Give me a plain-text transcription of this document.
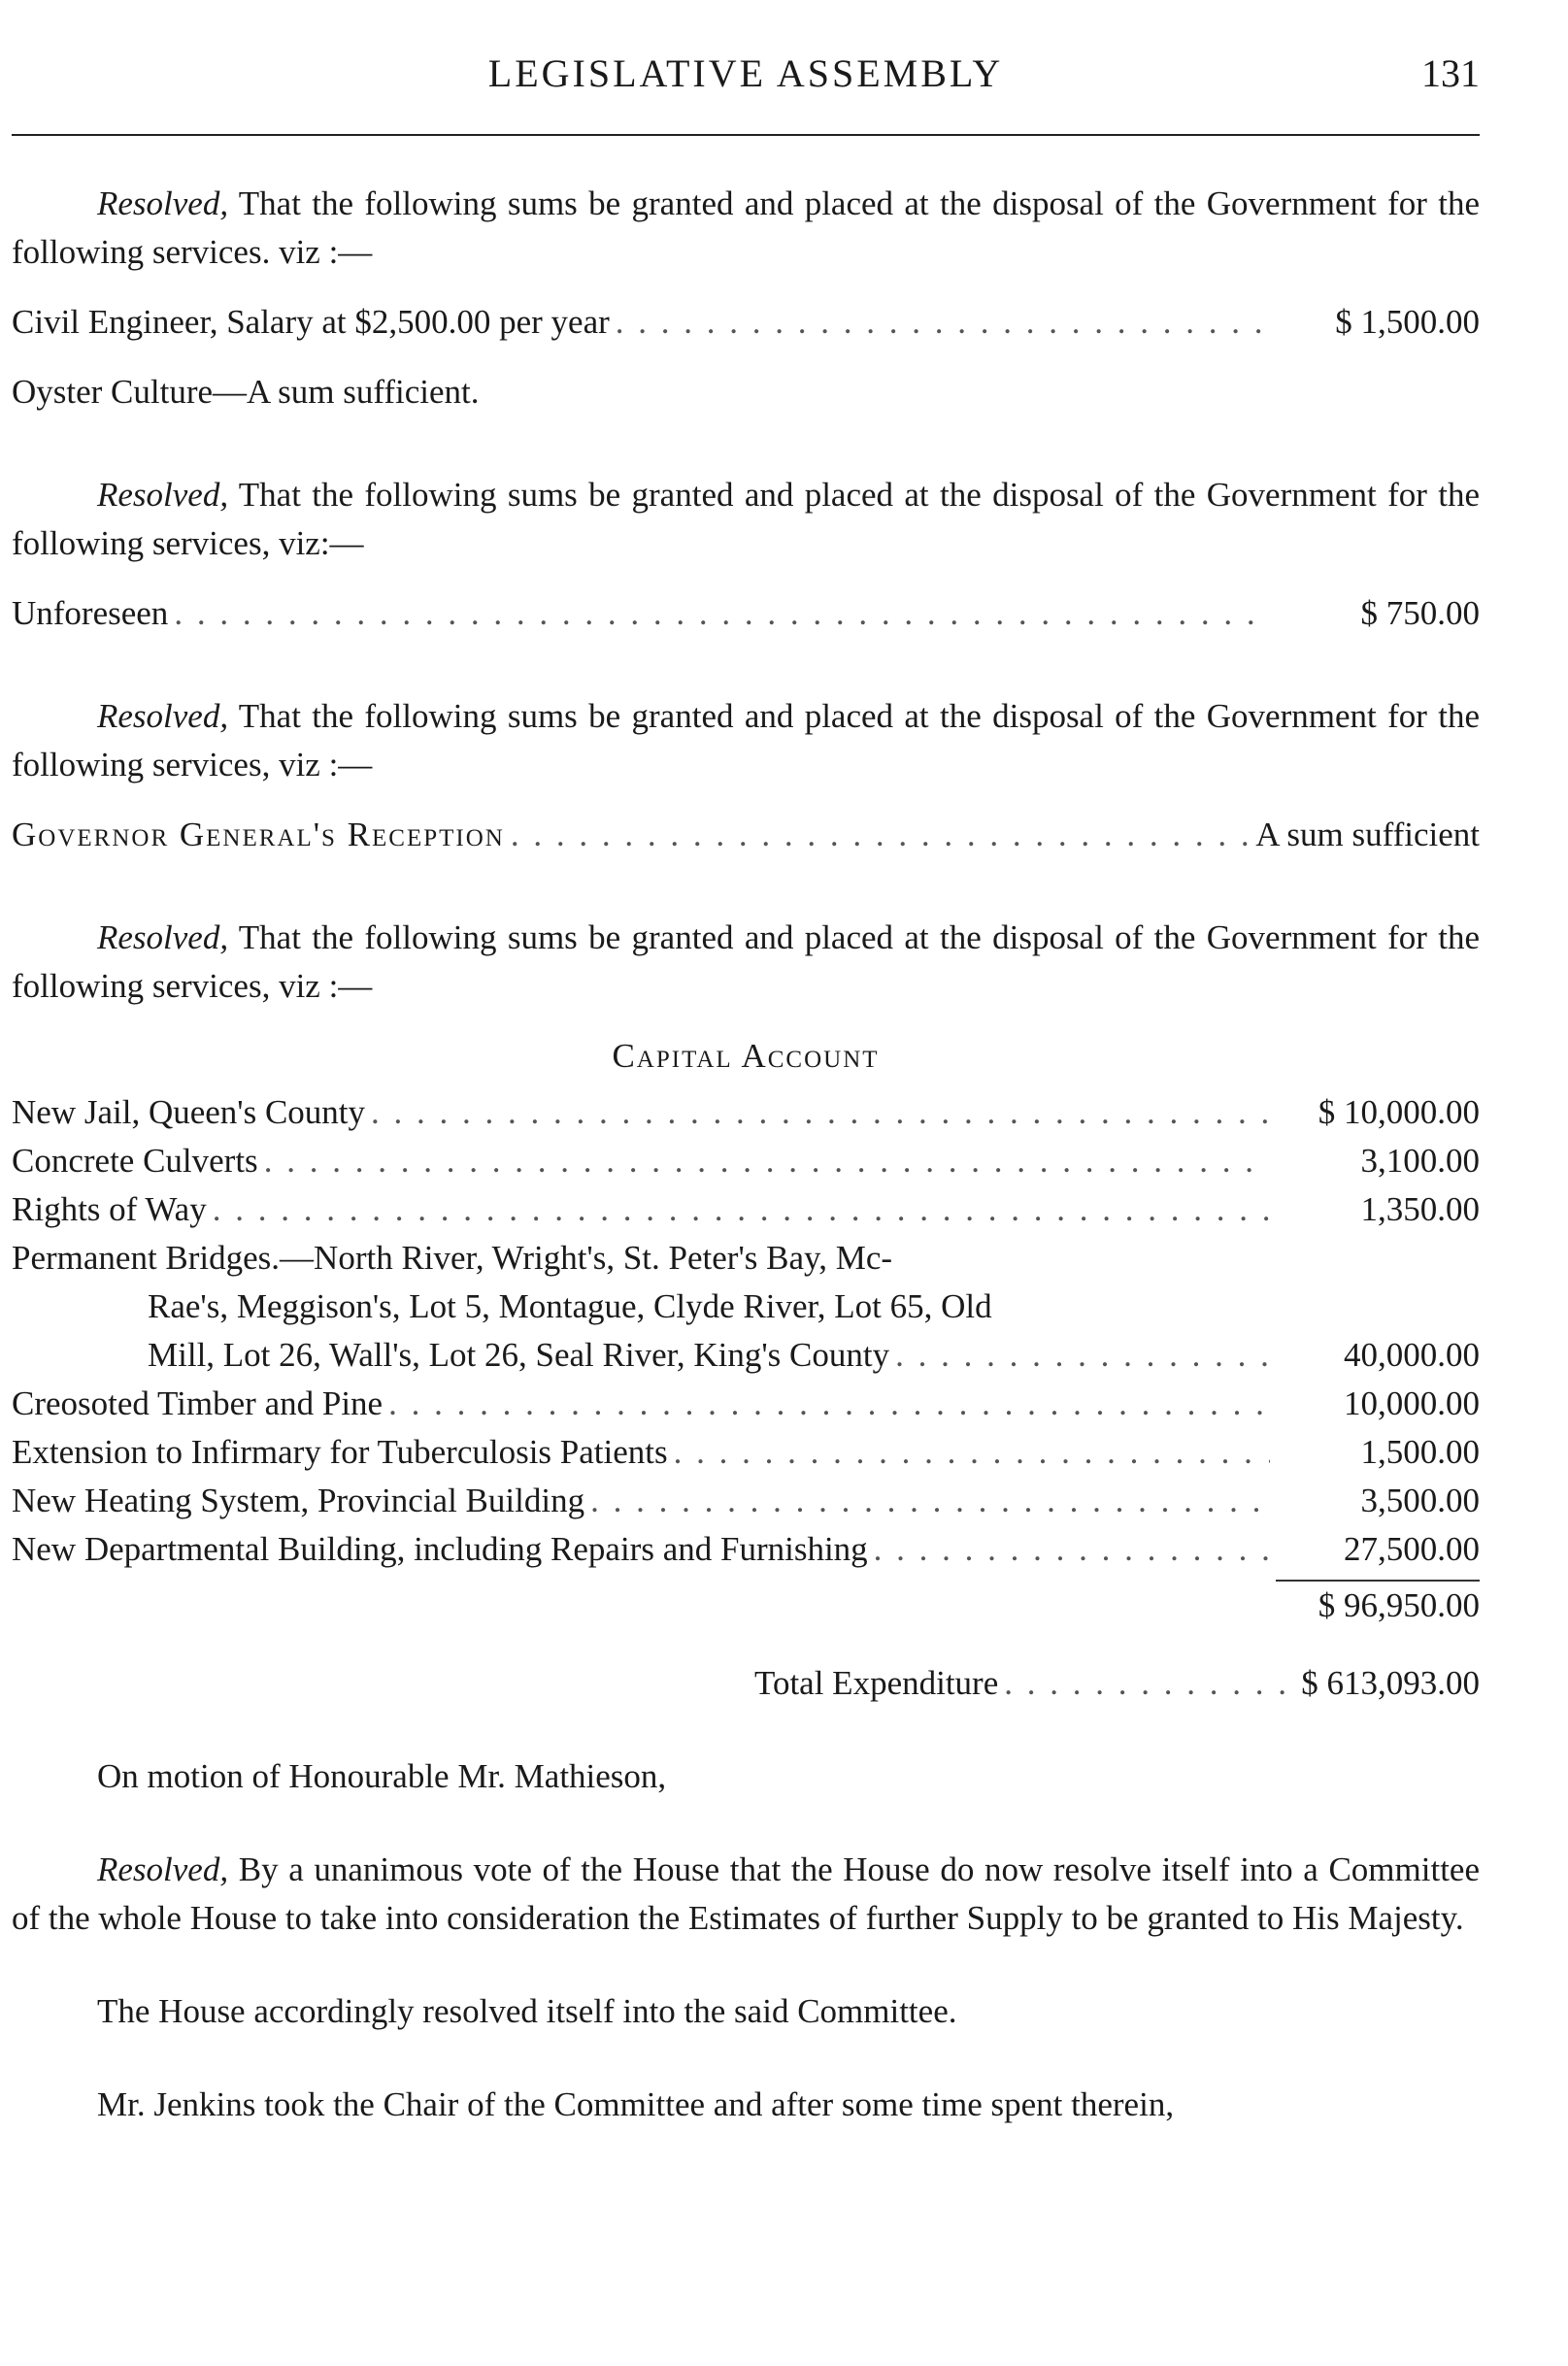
LEGISLATIVE ASSEMBLY	131

Resolved, That the following sums be granted and placed at the disposal of the Government for the following services. viz :—

Civil Engineer, Salary at $2,500.00 per year . . .	$ 1,500.00

Oyster Culture—A sum sufficient.

Resolved, That the following sums be granted and placed at the disposal of the Government for the following services, viz:—

Unforeseen . . .	$ 750.00

Resolved, That the following sums be granted and placed at the disposal of the Government for the following services, viz :—

Governor General's Reception . . .	A sum sufficient

Resolved, That the following sums be granted and placed at the disposal of the Government for the following services, viz :—

Capital Account

New Jail, Queen's County . . .	$ 10,000.00
Concrete Culverts . . .	3,100.00
Rights of Way . . .	1,350.00

Permanent Bridges.—North River, Wright's, St. Peter's Bay, Mc-

Rae's, Meggison's, Lot 5, Montague, Clyde River, Lot 65, Old

Mill, Lot 26, Wall's, Lot 26, Seal River, King's County . . .	40,000.00
Creosoted Timber and Pine . . .	10,000.00
Extension to Infirmary for Tuberculosis Patients . . .	1,500.00
New Heating System, Provincial Building . . .	3,500.00
New Departmental Building, including Repairs and Furnishing . . .	27,500.00

$ 96,950.00

Total Expenditure . . .	$ 613,093.00

On motion of Honourable Mr. Mathieson,

Resolved, By a unanimous vote of the House that the House do now resolve itself into a Committee of the whole House to take into consideration the Estimates of further Supply to be granted to His Majesty.

The House accordingly resolved itself into the said Committee.

Mr. Jenkins took the Chair of the Committee and after some time spent therein,
